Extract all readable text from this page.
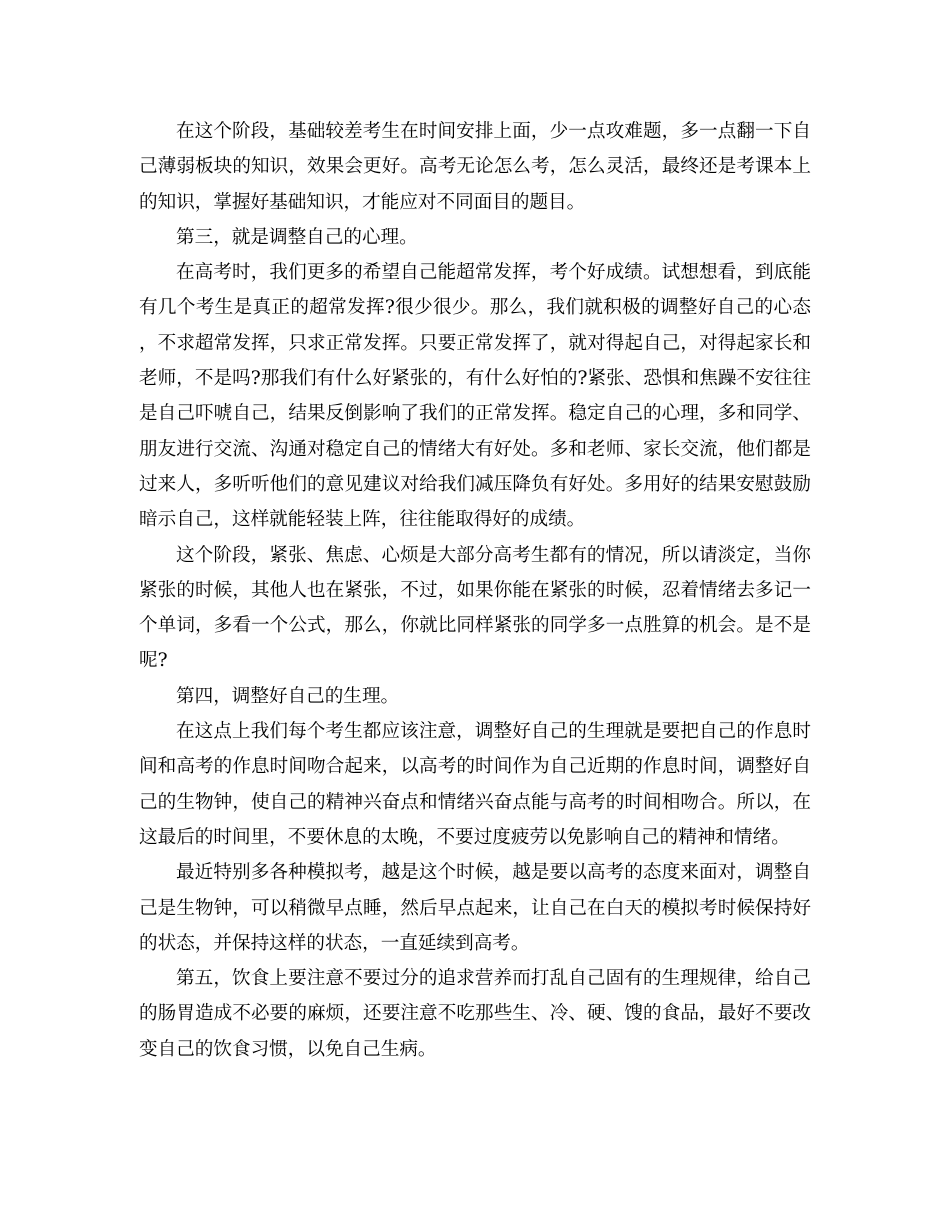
在这个阶段，基础较差考生在时间安排上面，少一点攻难题，多一点翻一下自己薄弱板块的知识，效果会更好。高考无论怎么考，怎么灵活，最终还是考课本上的知识，掌握好基础知识，才能应对不同面目的题目。

第三，就是调整自己的心理。

在高考时，我们更多的希望自己能超常发挥，考个好成绩。试想想看，到底能有几个考生是真正的超常发挥?很少很少。那么，我们就积极的调整好自己的心态，不求超常发挥，只求正常发挥。只要正常发挥了，就对得起自己，对得起家长和老师，不是吗?那我们有什么好紧张的，有什么好怕的?紧张、恐惧和焦躁不安往往是自己吓唬自己，结果反倒影响了我们的正常发挥。稳定自己的心理，多和同学、朋友进行交流、沟通对稳定自己的情绪大有好处。多和老师、家长交流，他们都是过来人，多听听他们的意见建议对给我们减压降负有好处。多用好的结果安慰鼓励暗示自己，这样就能轻装上阵，往往能取得好的成绩。

这个阶段，紧张、焦虑、心烦是大部分高考生都有的情况，所以请淡定，当你紧张的时候，其他人也在紧张，不过，如果你能在紧张的时候，忍着情绪去多记一个单词，多看一个公式，那么，你就比同样紧张的同学多一点胜算的机会。是不是呢?

第四，调整好自己的生理。

在这点上我们每个考生都应该注意，调整好自己的生理就是要把自己的作息时间和高考的作息时间吻合起来，以高考的时间作为自己近期的作息时间，调整好自己的生物钟，使自己的精神兴奋点和情绪兴奋点能与高考的时间相吻合。所以，在这最后的时间里，不要休息的太晚，不要过度疲劳以免影响自己的精神和情绪。

最近特别多各种模拟考，越是这个时候，越是要以高考的态度来面对，调整自己是生物钟，可以稍微早点睡，然后早点起来，让自己在白天的模拟考时候保持好的状态，并保持这样的状态，一直延续到高考。

第五，饮食上要注意不要过分的追求营养而打乱自己固有的生理规律，给自己的肠胃造成不必要的麻烦，还要注意不吃那些生、冷、硬、馊的食品，最好不要改变自己的饮食习惯，以免自己生病。
